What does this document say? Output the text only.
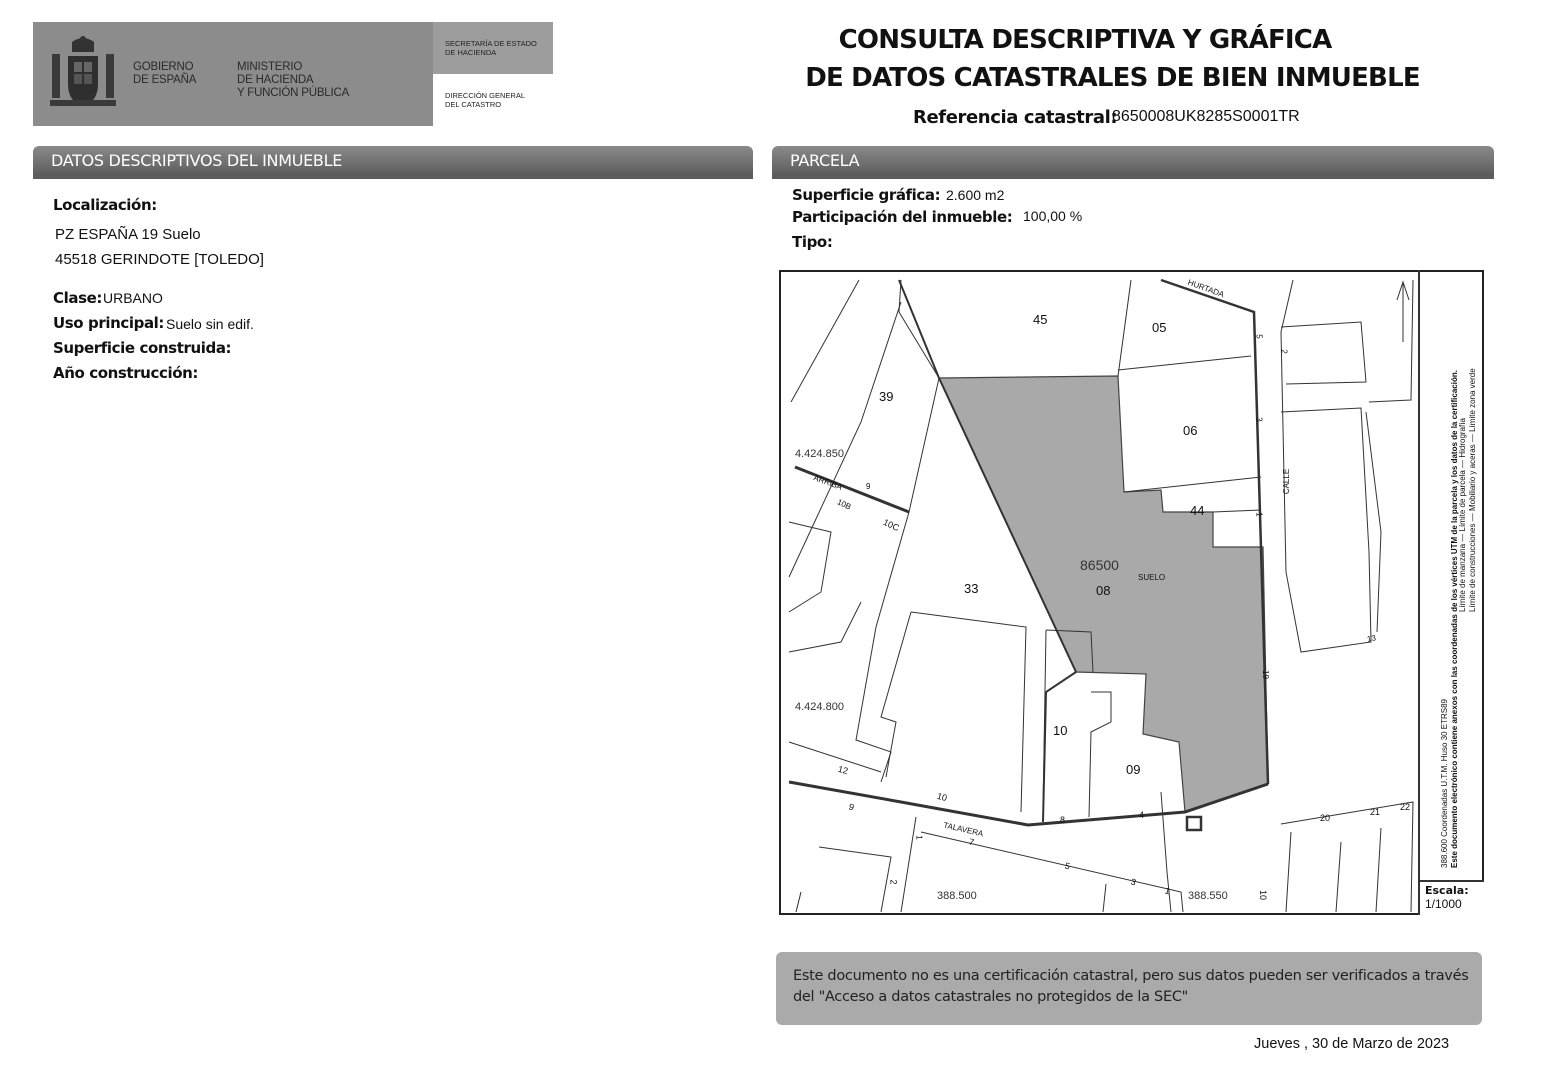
GOBIERNO
DE ESPAÑA
MINISTERIO
DE HACIENDA
Y FUNCIÓN PÚBLICA
SECRETARÍA DE ESTADO
DE HACIENDA
DIRECCIÓN GENERAL
DEL CATASTRO
CONSULTA DESCRIPTIVA Y GRÁFICA
DE DATOS CATASTRALES DE BIEN INMUEBLE
Referencia catastral:
8650008UK8285S0001TR
DATOS DESCRIPTIVOS DEL INMUEBLE
Localización:
PZ ESPAÑA 19 Suelo
45518 GERINDOTE [TOLEDO]
Clase: URBANO
Uso principal: Suelo sin edif.
Superficie construida:
Año construcción:
PARCELA
Superficie gráfica: 2.600 m2
Participación del inmueble: 100,00 %
Tipo:
45
05
39
06
44
33
10
09
86500
08
SUELO
HURTADA
CALLE
TALAVERA
ARRIBA
4.424.850
4.424.800
388.500	388.550
5
3
1
2
19
13
12
10
9
8
7
5
4
3
1
2
20
21 22
10
9
10C
10B
1
388.600 Coordenadas U.T.M. Huso 30 ETRS89 Este documento electrónico contiene anexos con las coordenadas de los vértices UTM de la parcela y los datos de la certificación. Límite de manzana — Límite de parcela — Hidrografía
Límite de construcciones — Mobiliario y aceras — Límite zona verde
Escala:
1/1000
Este documento no es una certificación catastral, pero sus datos pueden ser verificados a través del "Acceso a datos catastrales no protegidos de la SEC"
Jueves , 30 de Marzo de 2023
